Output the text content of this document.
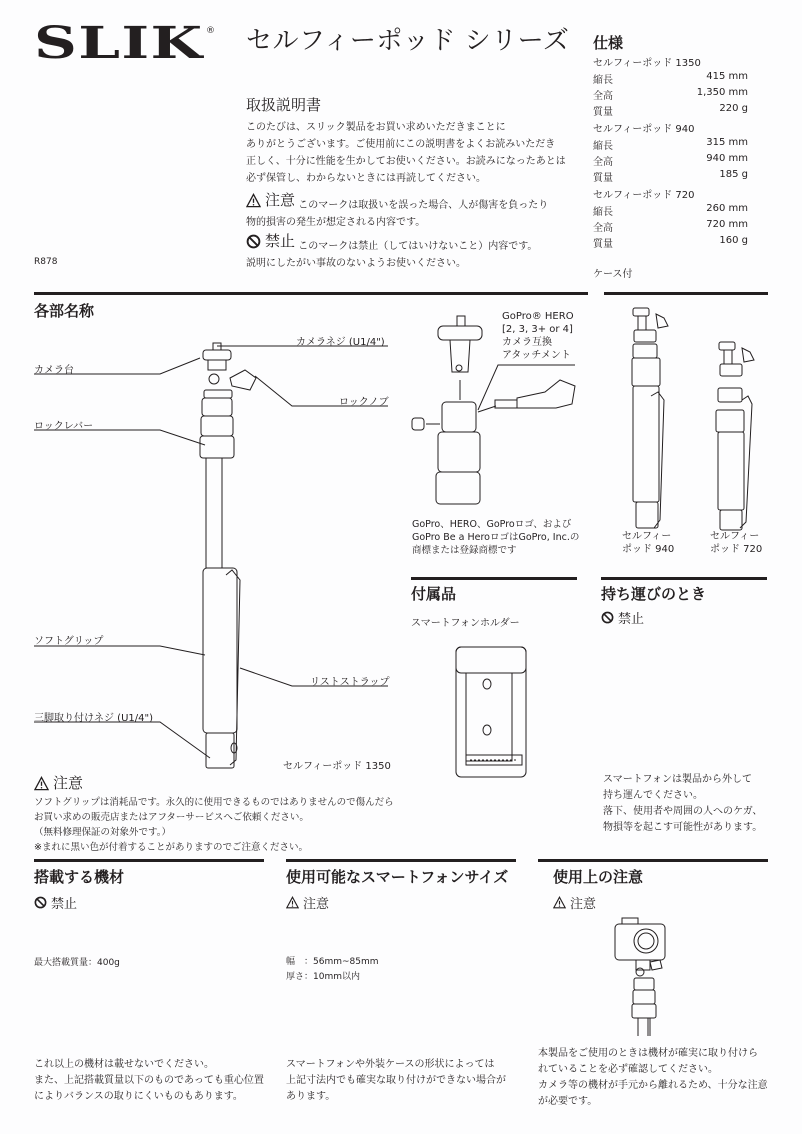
SLIK ® セルフィーポッド シリーズ
R878
取扱説明書
このたびは、スリック製品をお買い求めいただきまことに
ありがとうございます。ご使用前にこの説明書をよくお読みいただき
正しく、十分に性能を生かしてお使いください。お読みになったあとは
必ず保管し、わからないときには再読してください。
注意 このマークは取扱いを誤った場合、人が傷害を負ったり
物的損害の発生が想定される内容です。
禁止 このマークは禁止（してはいけないこと）内容です。
説明にしたがい事故のないようお使いください。
仕様
セルフィーポッド 1350
縮長	415 mm
全高	1,350 mm
質量	220 g
セルフィーポッド 940
縮長	315 mm
全高	940 mm
質量	185 g
セルフィーポッド 720
縮長	260 mm
全高	720 mm
質量	160 g
ケース付
各部名称
カメラネジ (U1/4")
カメラ台
ロックノブ
ロックレバー
ソフトグリップ
リストストラップ
三脚取り付けネジ (U1/4")
セルフィーポッド 1350
GoPro® HERO
[2, 3, 3+ or 4]
カメラ互換
アタッチメント
GoPro、HERO、GoProロゴ、および
GoPro Be a HeroロゴはGoPro, Inc.の
商標または登録商標です
セルフィー
ポッド 940
セルフィー
ポッド 720
注意
ソフトグリップは消耗品です。永久的に使用できるものではありませんので傷んだら
お買い求めの販売店またはアフターサービスへご依頼ください。
（無料修理保証の対象外です。）
※まれに黒い色が付着することがありますのでご注意ください。
付属品
スマートフォンホルダー
持ち運びのとき
禁止
スマートフォンは製品から外して
持ち運んでください。
落下、使用者や周囲の人へのケガ、
物損等を起こす可能性があります。
搭載する機材
禁止
最大搭載質量：400g
これ以上の機材は載せないでください。
また、上記搭載質量以下のものであっても重心位置
によりバランスの取りにくいものもあります。
使用可能なスマートフォンサイズ
注意
幅　：56mm~85mm
厚さ：10mm以内
スマートフォンや外装ケースの形状によっては
上記寸法内でも確実な取り付けができない場合が
あります。
使用上の注意
注意
本製品をご使用のときは機材が確実に取り付けら
れていることを必ず確認してください。
カメラ等の機材が手元から離れるため、十分な注意
が必要です。
